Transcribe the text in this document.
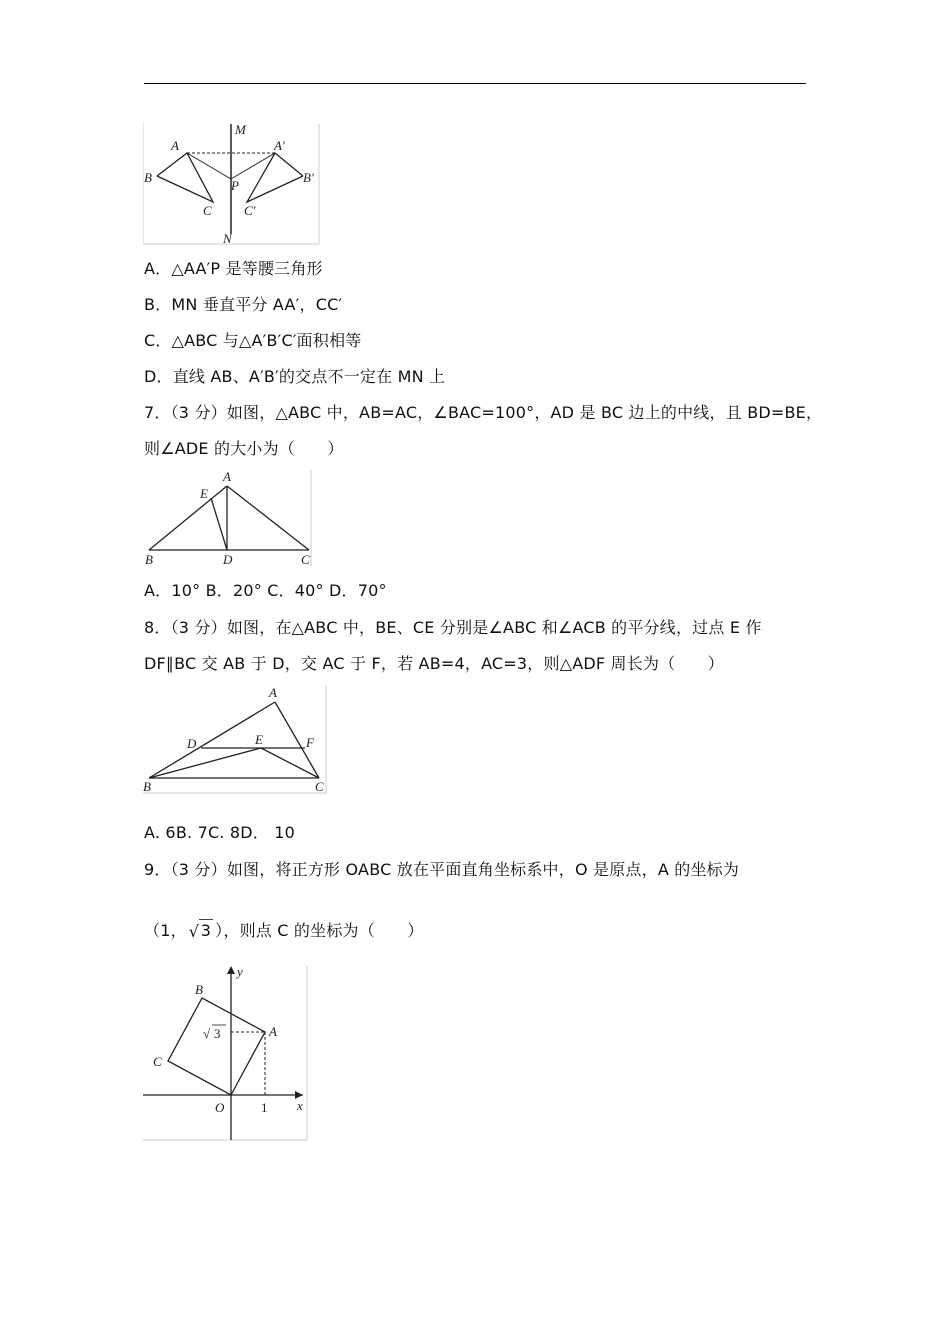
M
N
A	A′
B	B′
C C′
P
A．△AA′P 是等腰三角形
B．MN 垂直平分 AA′，CC′
C．△ABC 与△A′B′C′面积相等
D．直线 AB、A′B′的交点不一定在 MN 上
7．（3 分）如图，△ABC 中，AB=AC，∠BAC=100°，AD 是 BC 边上的中线，且 BD=BE，
则∠ADE 的大小为（　　）
A
E
B	D	C
A．10° B．20° C．40° D．70°
8．（3 分）如图，在△ABC 中，BE、CE 分别是∠ABC 和∠ACB 的平分线，过点 E 作
DF∥BC 交 AB 于 D，交 AC 于 F，若 AB=4，AC=3，则△ADF 周长为（　　）
A
D	E	F
B	C
A. 6B. 7C. 8D． 10
9．（3 分）如图，将正方形 OABC 放在平面直角坐标系中，O 是原点，A 的坐标为
（1， √ 3 ），则点 C 的坐标为（　　）
y
x
O
A
B
C
1
√ 3
